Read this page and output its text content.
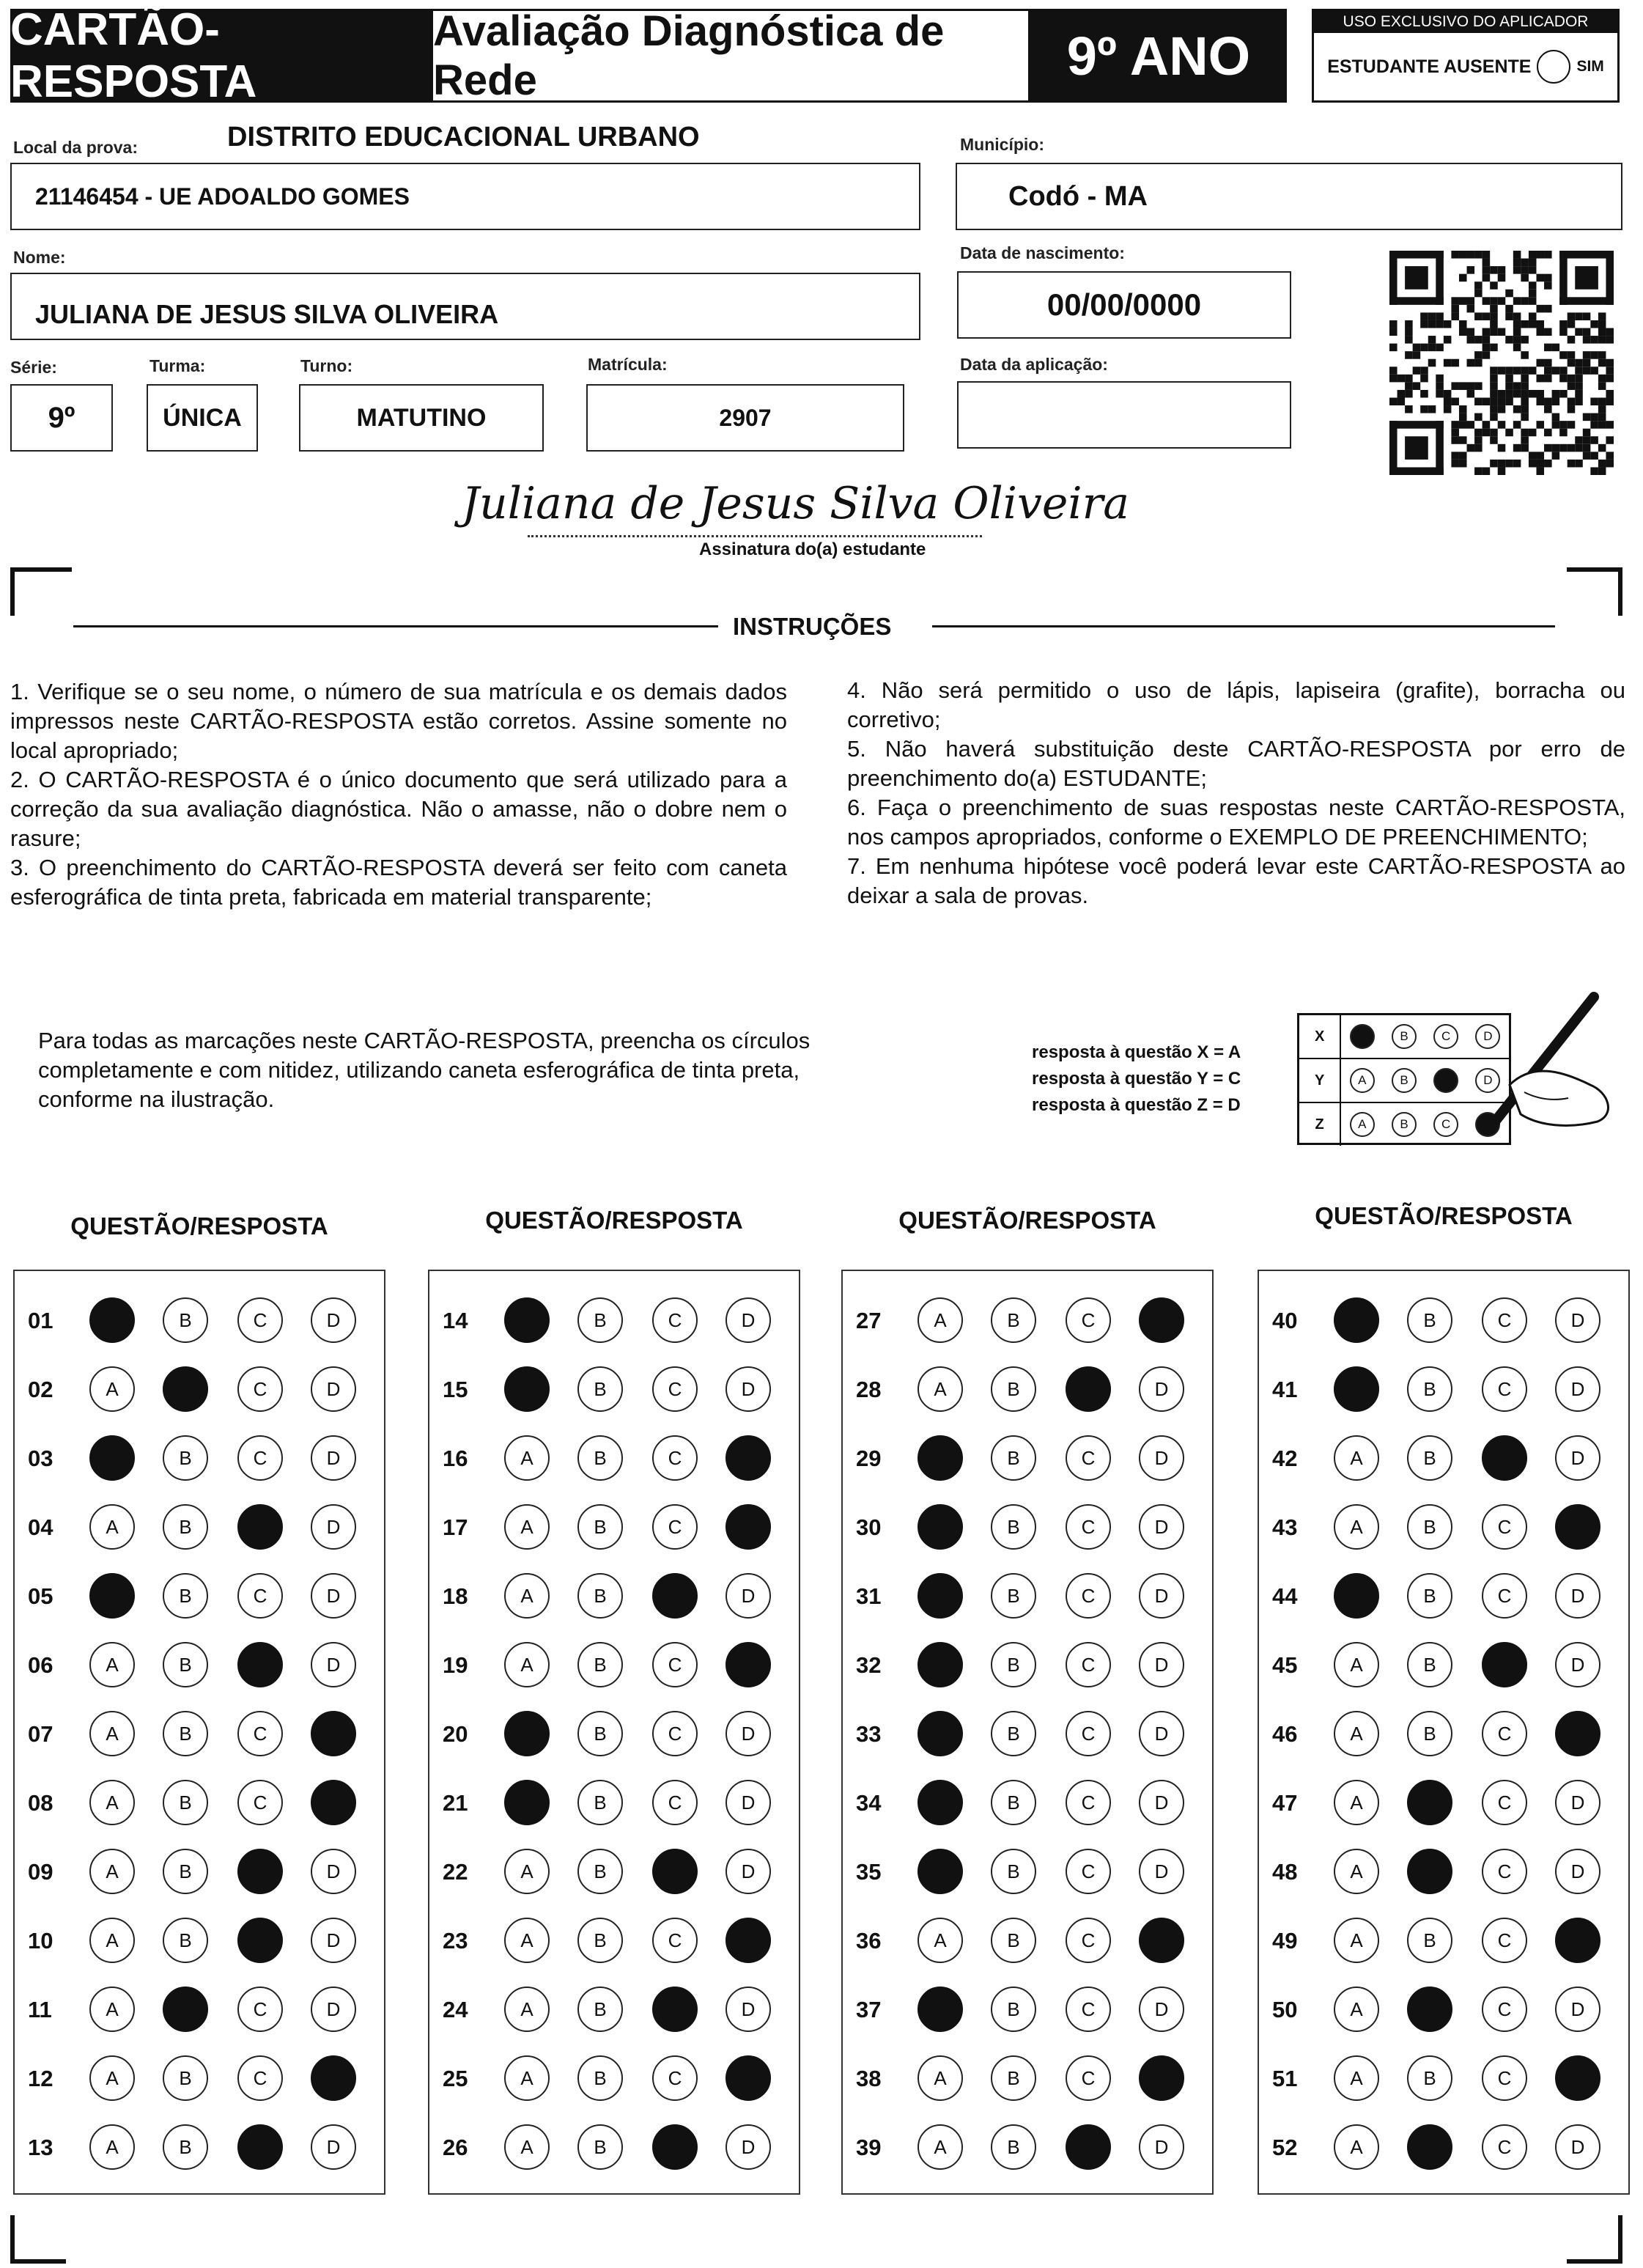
CARTÃO-RESPOSTA
Avaliação Diagnóstica de Rede	9º ANO
USO EXCLUSIVO DO APLICADOR
ESTUDANTE AUSENTE	SIM
Local da prova:	DISTRITO EDUCACIONAL URBANO
21146454 - UE ADOALDO GOMES
Município:
Codó - MA
Nome:
JULIANA DE JESUS SILVA OLIVEIRA
Data de nascimento:
00/00/0000
Série:
9º
Turma:
ÚNICA
Turno:
MATUTINO
Matrícula:
2907
Data da aplicação:
Juliana de Jesus Silva Oliveira
Assinatura do(a) estudante
INSTRUÇÕES
1. Verifique se o seu nome, o número de sua matrícula e os demais dados impressos neste CARTÃO-RESPOSTA estão corretos. Assine somente no local apropriado;
2. O CARTÃO-RESPOSTA é o único documento que será utilizado para a correção da sua avaliação diagnóstica. Não o amasse, não o dobre nem o rasure;
3. O preenchimento do CARTÃO-RESPOSTA deverá ser feito com caneta esferográfica de tinta preta, fabricada em material transparente;
4. Não será permitido o uso de lápis, lapiseira (grafite), borracha ou corretivo;
5. Não haverá substituição deste CARTÃO-RESPOSTA por erro de preenchimento do(a) ESTUDANTE;
6. Faça o preenchimento de suas respostas neste CARTÃO-RESPOSTA, nos campos apropriados, conforme o EXEMPLO DE PREENCHIMENTO;
7. Em nenhuma hipótese você poderá levar este CARTÃO-RESPOSTA ao deixar a sala de provas.
Para todas as marcações neste CARTÃO-RESPOSTA, preencha os círculos completamente e com nitidez, utilizando caneta esferográfica de tinta preta, conforme na ilustração.
resposta à questão X = A
resposta à questão Y = C
resposta à questão Z = D
X	B	C	D
Y	A	B	D
Z	A	B	C
QUESTÃO/RESPOSTA
01	B	C	D
02	A	C	D
03	B	C	D
04	A	B	D
05	B	C	D
06	A	B	D
07	A	B	C
08	A	B	C
09	A	B	D
10	A	B	D
11	A	C	D
12	A	B	C
13	A	B	D
QUESTÃO/RESPOSTA
14	B	C	D
15	B	C	D
16	A	B	C
17	A	B	C
18	A	B	D
19	A	B	C
20	B	C	D
21	B	C	D
22	A	B	D
23	A	B	C
24	A	B	D
25	A	B	C
26	A	B	D
QUESTÃO/RESPOSTA
27	A	B	C
28	A	B	D
29	B	C	D
30	B	C	D
31	B	C	D
32	B	C	D
33	B	C	D
34	B	C	D
35	B	C	D
36	A	B	C
37	B	C	D
38	A	B	C
39	A	B	D
QUESTÃO/RESPOSTA
40	B	C	D
41	B	C	D
42	A	B	D
43	A	B	C
44	B	C	D
45	A	B	D
46	A	B	C
47	A	C	D
48	A	C	D
49	A	B	C
50	A	C	D
51	A	B	C
52	A	C	D
